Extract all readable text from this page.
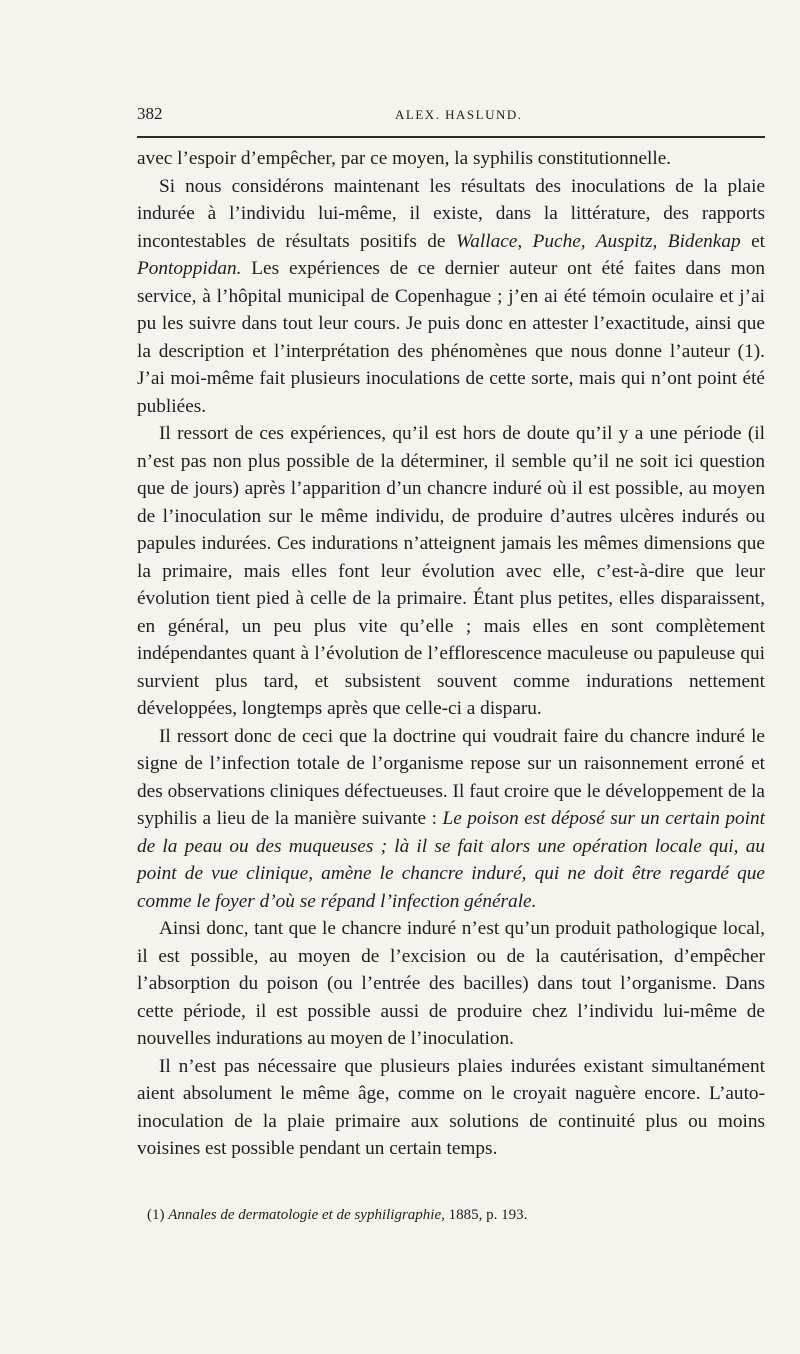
382	ALEX. HASLUND.

avec l’espoir d’empêcher, par ce moyen, la syphilis constitutionnelle.

Si nous considérons maintenant les résultats des inoculations de la plaie indurée à l’individu lui-même, il existe, dans la littérature, des rapports incontestables de résultats positifs de Wallace, Puche, Auspitz, Bidenkap et Pontoppidan. Les expériences de ce dernier auteur ont été faites dans mon service, à l’hôpital municipal de Copenhague ; j’en ai été témoin oculaire et j’ai pu les suivre dans tout leur cours. Je puis donc en attester l’exactitude, ainsi que la description et l’interprétation des phénomènes que nous donne l’auteur (1). J’ai moi-même fait plusieurs inoculations de cette sorte, mais qui n’ont point été publiées.

Il ressort de ces expériences, qu’il est hors de doute qu’il y a une période (il n’est pas non plus possible de la déterminer, il semble qu’il ne soit ici question que de jours) après l’apparition d’un chancre induré où il est possible, au moyen de l’inoculation sur le même individu, de produire d’autres ulcères indurés ou papules indurées. Ces indurations n’atteignent jamais les mêmes dimensions que la primaire, mais elles font leur évolution avec elle, c’est-à-dire que leur évolution tient pied à celle de la primaire. Étant plus petites, elles disparaissent, en général, un peu plus vite qu’elle ; mais elles en sont complètement indépendantes quant à l’évolution de l’efflorescence maculeuse ou papuleuse qui survient plus tard, et subsistent souvent comme indurations nettement développées, longtemps après que celle-ci a disparu.

Il ressort donc de ceci que la doctrine qui voudrait faire du chancre induré le signe de l’infection totale de l’organisme repose sur un raisonnement erroné et des observations cliniques défectueuses. Il faut croire que le développement de la syphilis a lieu de la manière suivante : Le poison est déposé sur un certain point de la peau ou des muqueuses ; là il se fait alors une opération locale qui, au point de vue clinique, amène le chancre induré, qui ne doit être regardé que comme le foyer d’où se répand l’infection générale.

Ainsi donc, tant que le chancre induré n’est qu’un produit pathologique local, il est possible, au moyen de l’excision ou de la cautérisation, d’empêcher l’absorption du poison (ou l’entrée des bacilles) dans tout l’organisme. Dans cette période, il est possible aussi de produire chez l’individu lui-même de nouvelles indurations au moyen de l’inoculation.

Il n’est pas nécessaire que plusieurs plaies indurées existant simultanément aient absolument le même âge, comme on le croyait naguère encore. L’auto-inoculation de la plaie primaire aux solutions de continuité plus ou moins voisines est possible pendant un certain temps.

(1) Annales de dermatologie et de syphiligraphie, 1885, p. 193.
